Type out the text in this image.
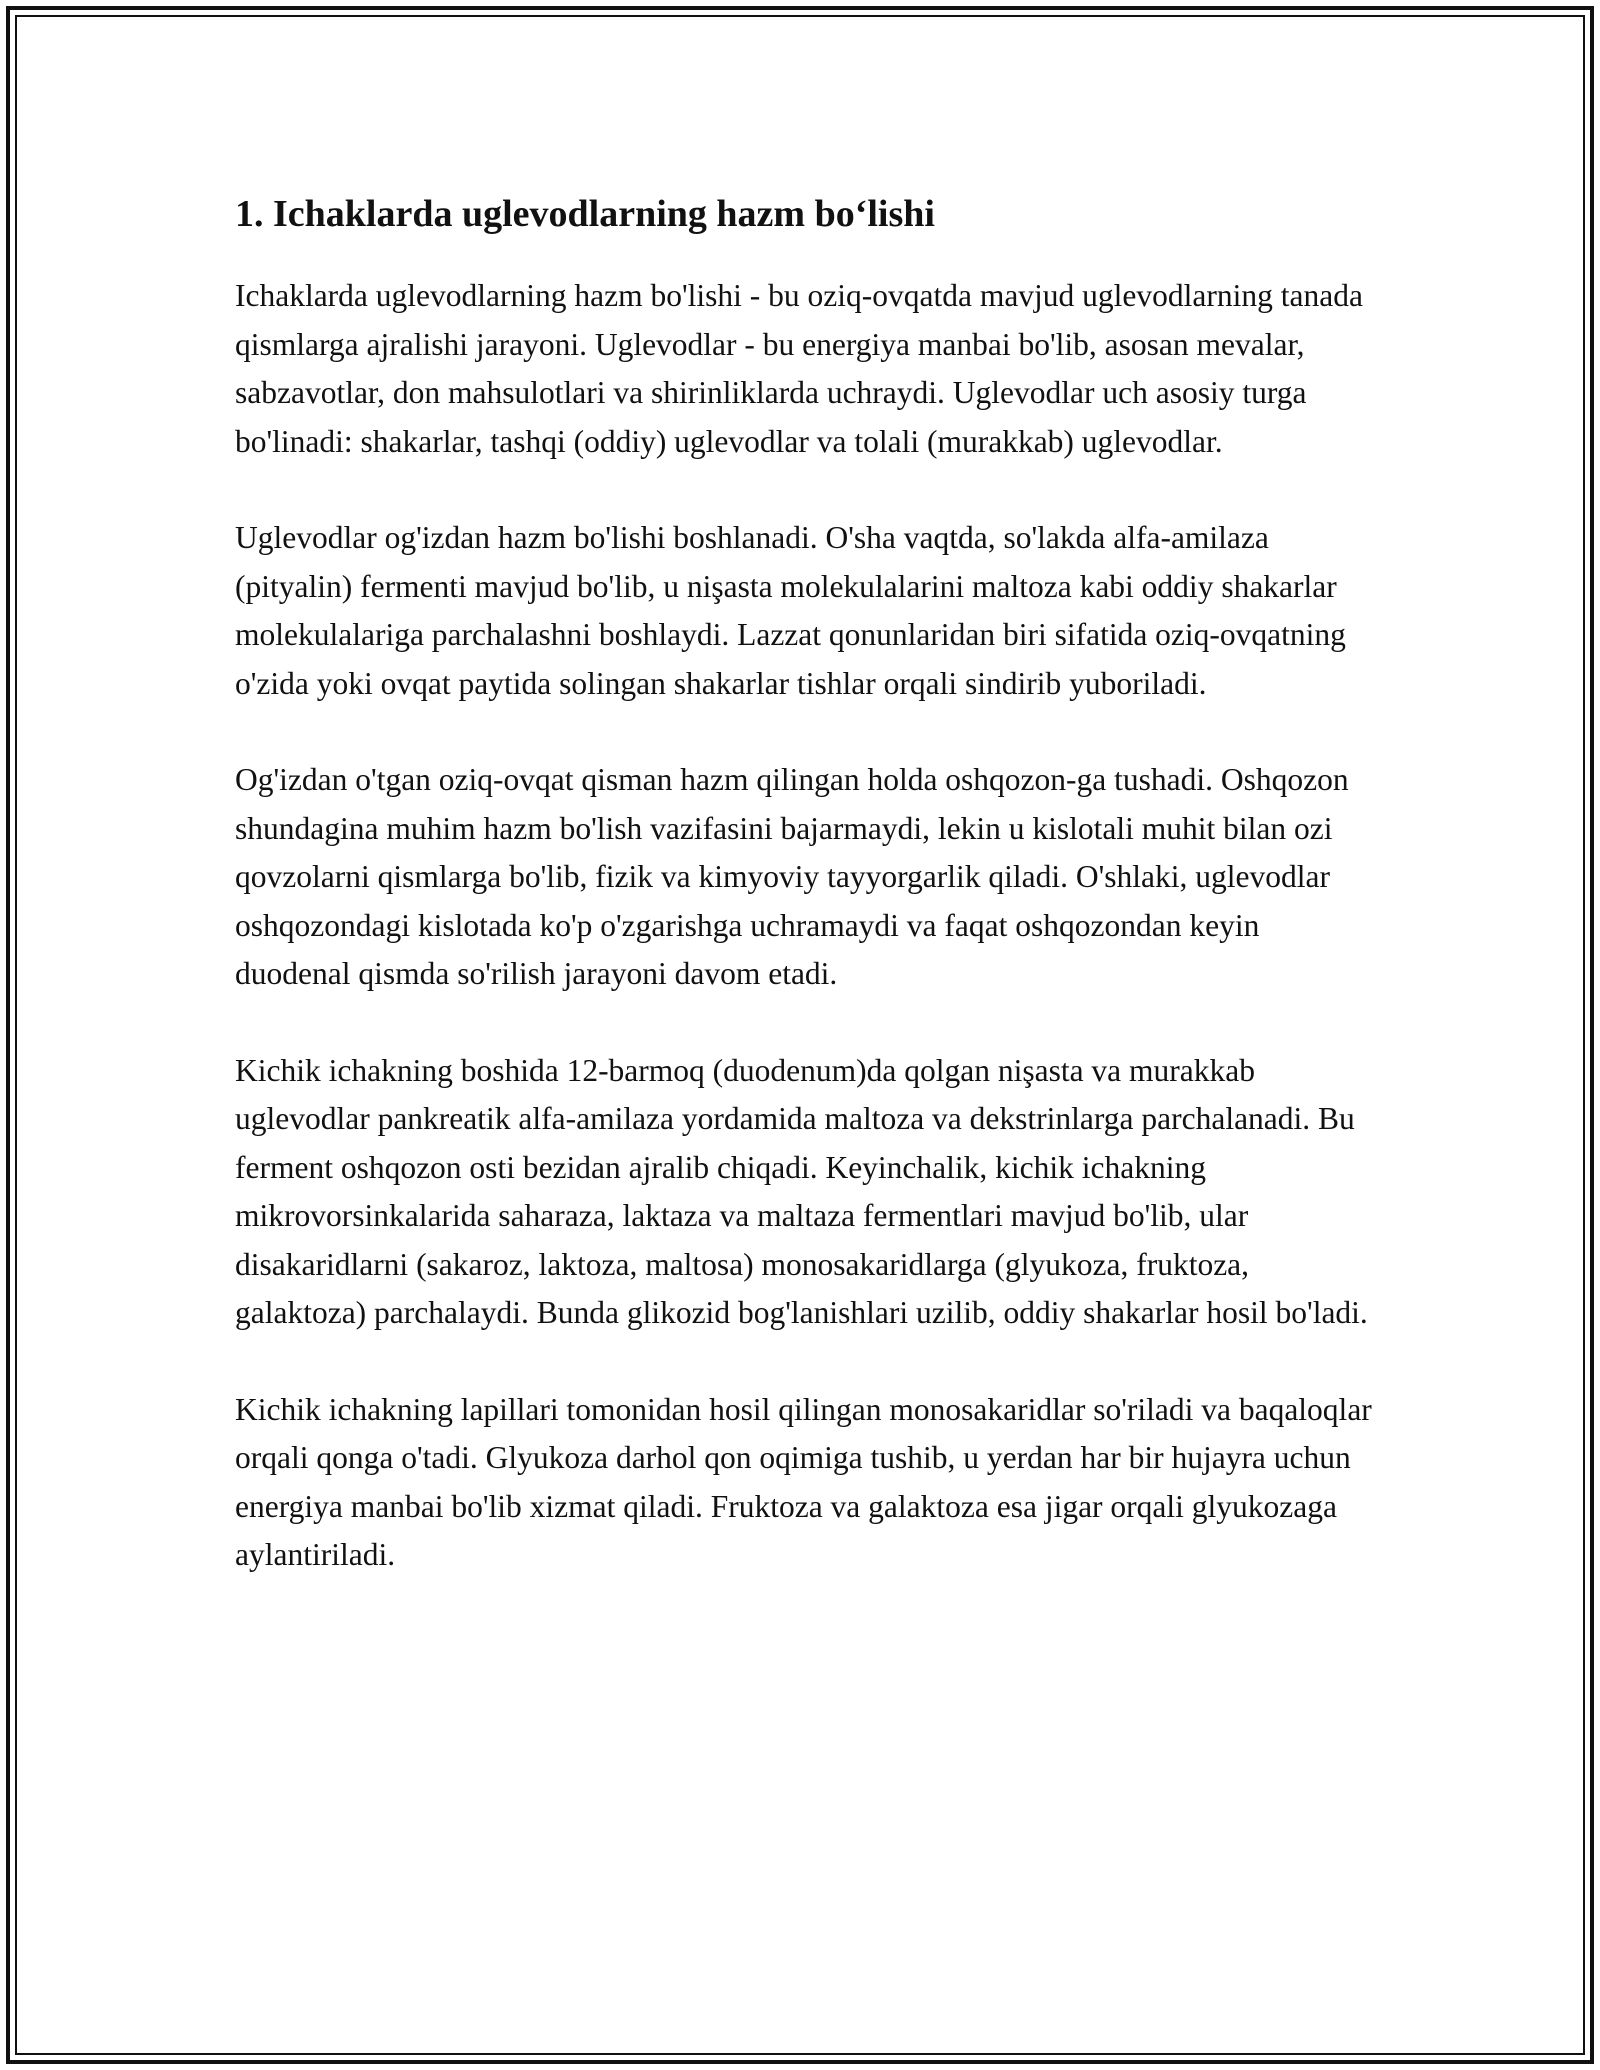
1. Ichaklarda uglevodlarning hazm bo‘lishi

Ichaklarda uglevodlarning hazm bo'lishi - bu oziq-ovqatda mavjud uglevodlarning tanada qismlarga ajralishi jarayoni. Uglevodlar - bu energiya manbai bo'lib, asosan mevalar, sabzavotlar, don mahsulotlari va shirinliklarda uchraydi. Uglevodlar uch asosiy turga bo'linadi: shakarlar, tashqi (oddiy) uglevodlar va tolali (murakkab) uglevodlar.

Uglevodlar og'izdan hazm bo'lishi boshlanadi. O'sha vaqtda, so'lakda alfa-amilaza (pityalin) fermenti mavjud bo'lib, u nişasta molekulalarini maltoza kabi oddiy shakarlar molekulalariga parchalashni boshlaydi. Lazzat qonunlaridan biri sifatida oziq-ovqatning o'zida yoki ovqat paytida solingan shakarlar tishlar orqali sindirib yuboriladi.

Og'izdan o'tgan oziq-ovqat qisman hazm qilingan holda oshqozon-ga tushadi. Oshqozon shundagina muhim hazm bo'lish vazifasini bajarmaydi, lekin u kislotali muhit bilan ozi qovzolarni qismlarga bo'lib, fizik va kimyoviy tayyorgarlik qiladi. O'shlaki, uglevodlar oshqozondagi kislotada ko'p o'zgarishga uchramaydi va faqat oshqozondan keyin duodenal qismda so'rilish jarayoni davom etadi.

Kichik ichakning boshida 12-barmoq (duodenum)da qolgan nişasta va murakkab uglevodlar pankreatik alfa-amilaza yordamida maltoza va dekstrinlarga parchalanadi. Bu ferment oshqozon osti bezidan ajralib chiqadi. Keyinchalik, kichik ichakning mikrovorsinkalarida saharaza, laktaza va maltaza fermentlari mavjud bo'lib, ular disakaridlarni (sakaroz, laktoza, maltosa) monosakaridlarga (glyukoza, fruktoza, galaktoza) parchalaydi. Bunda glikozid bog'lanishlari uzilib, oddiy shakarlar hosil bo'ladi.

Kichik ichakning lapillari tomonidan hosil qilingan monosakaridlar so'riladi va baqaloqlar orqali qonga o'tadi. Glyukoza darhol qon oqimiga tushib, u yerdan har bir hujayra uchun energiya manbai bo'lib xizmat qiladi. Fruktoza va galaktoza esa jigar orqali glyukozaga aylantiriladi.
